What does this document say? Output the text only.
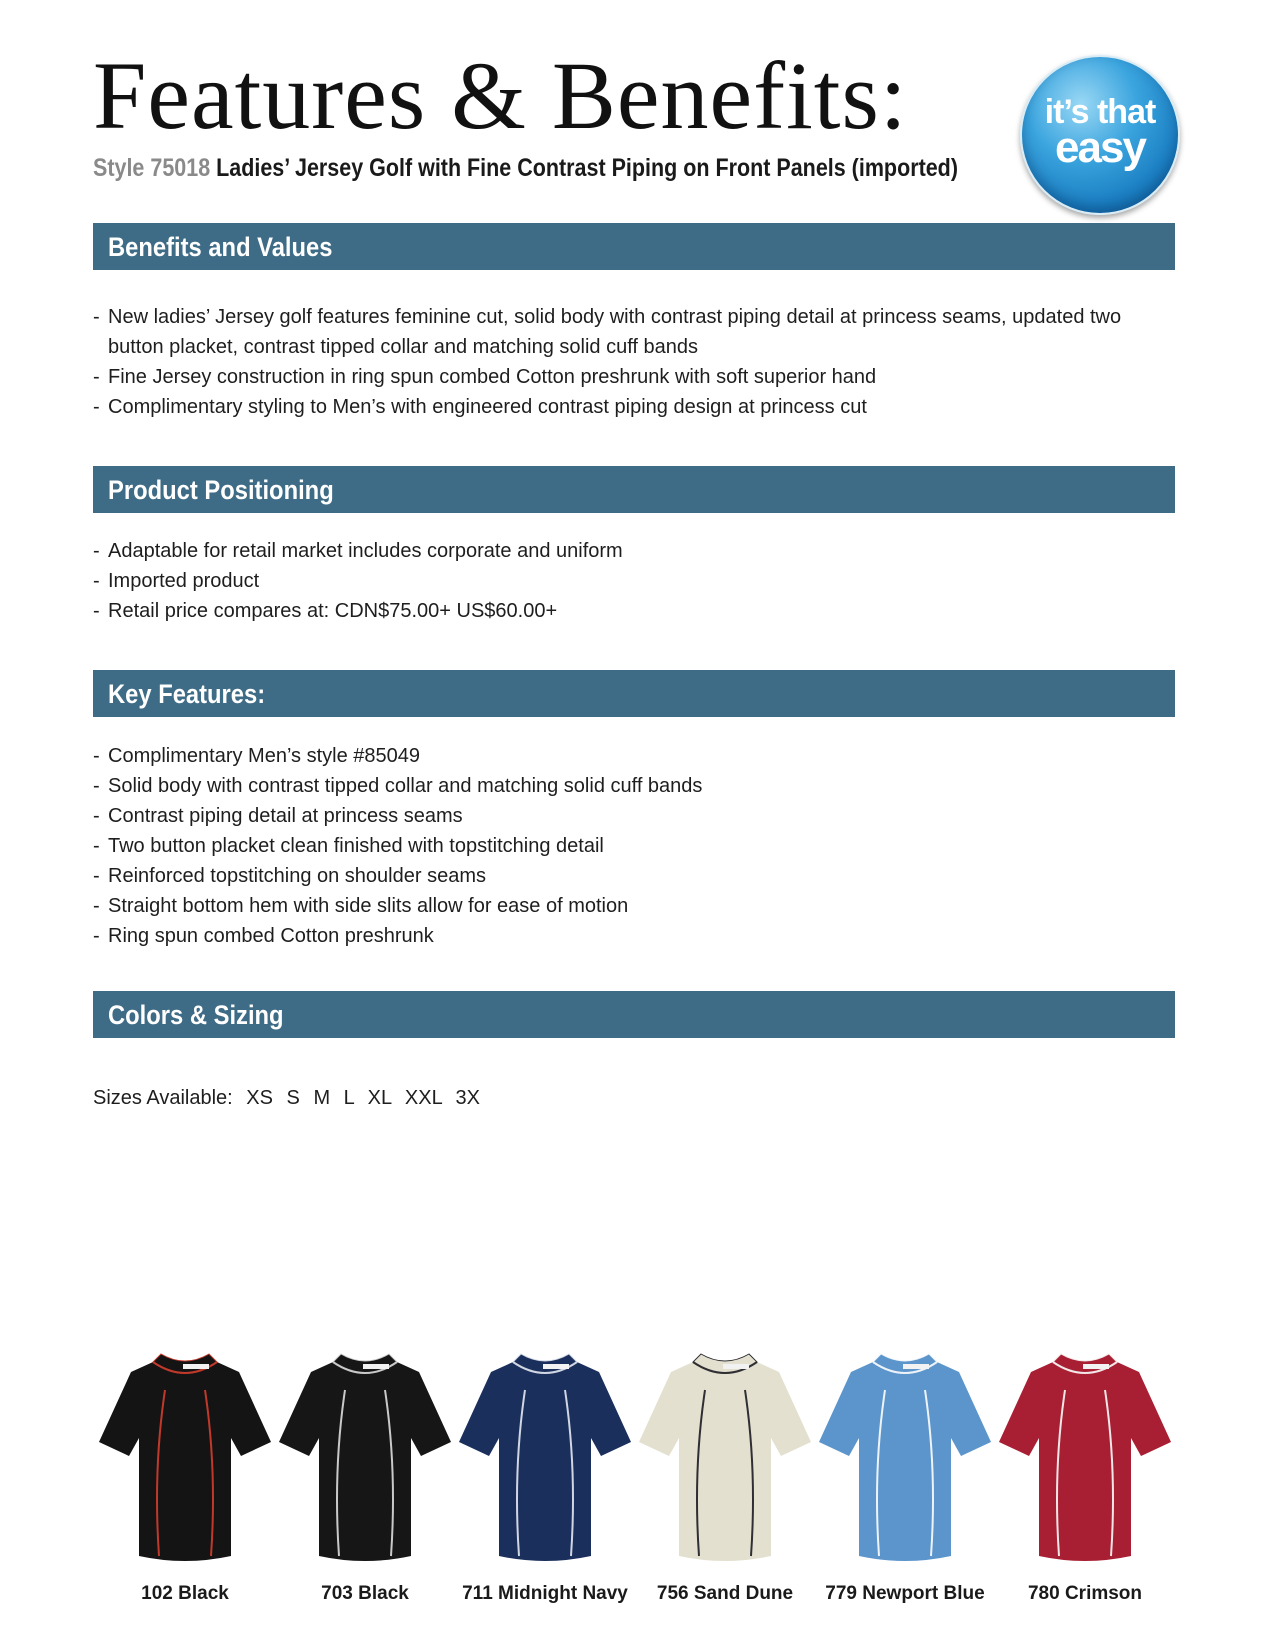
Features & Benefits:
Style 75018 Ladies’ Jersey Golf with Fine Contrast Piping on Front Panels (imported)
it’s that
easy
Benefits and Values
- New ladies’ Jersey golf features feminine cut, solid body with contrast piping detail at princess seams, updated two button placket, contrast tipped collar and matching solid cuff bands
- Fine Jersey construction in ring spun combed Cotton preshrunk with soft superior hand
- Complimentary styling to Men’s with engineered contrast piping design at princess cut
Product Positioning
- Adaptable for retail market includes corporate and uniform
- Imported product
- Retail price compares at: CDN$75.00+ US$60.00+
Key Features:
- Complimentary Men’s style #85049
- Solid body with contrast tipped collar and matching solid cuff bands
- Contrast piping detail at princess seams
- Two button placket clean finished with topstitching detail
- Reinforced topstitching on shoulder seams
- Straight bottom hem with side slits allow for ease of motion
- Ring spun combed Cotton preshrunk
Colors & Sizing
Sizes Available: XS S M L XL XXL 3X
102 Black	703 Black	711 Midnight Navy	756 Sand Dune	779 Newport Blue	780 Crimson
